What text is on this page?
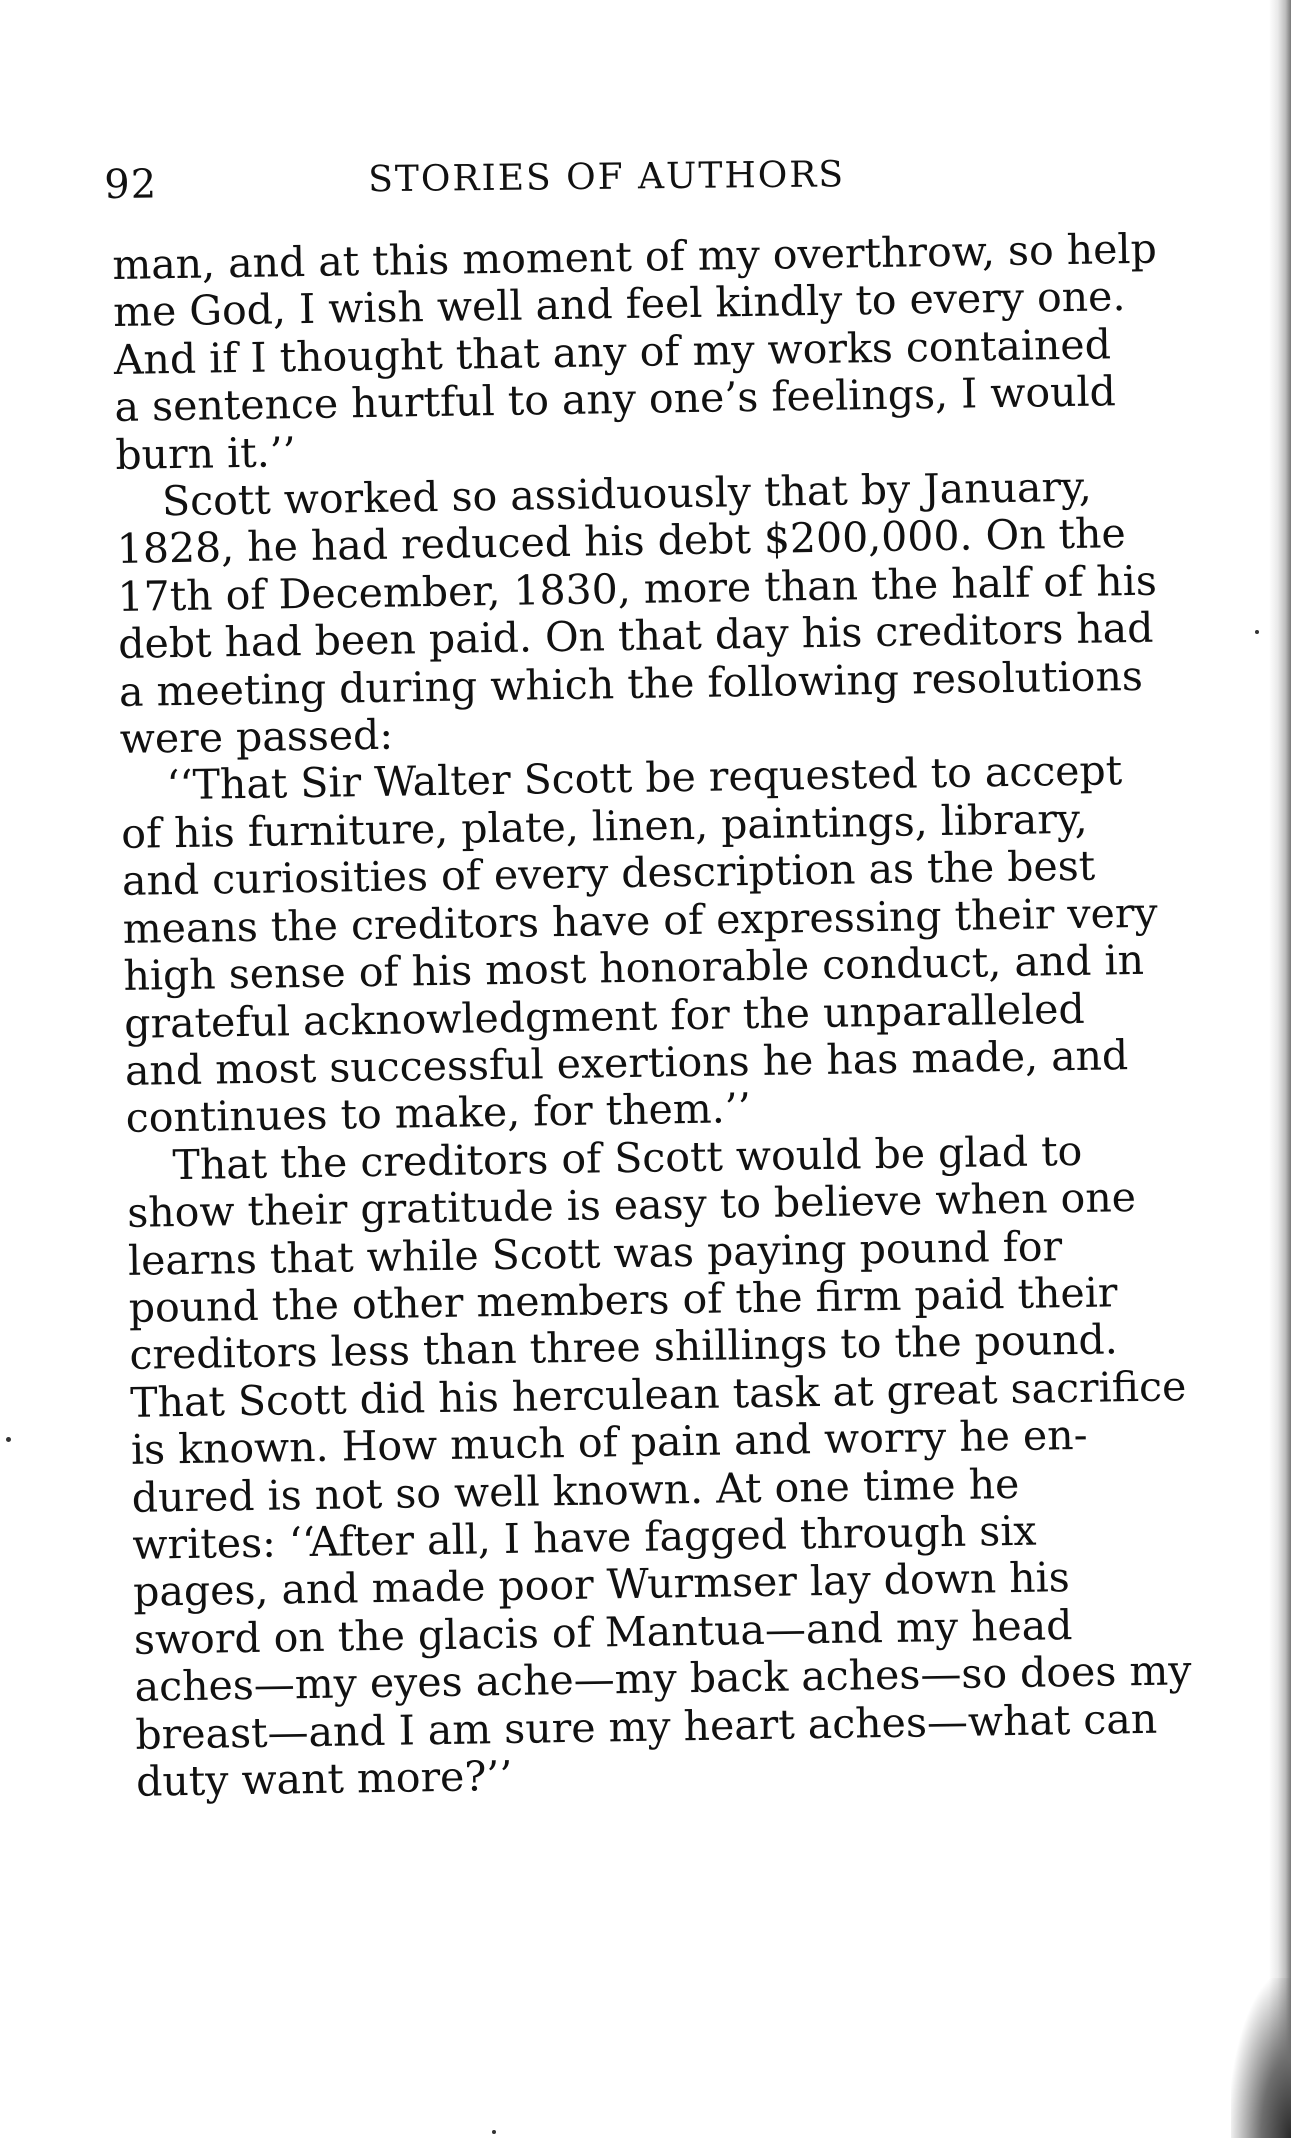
92	STORIES OF AUTHORS
man, and at this moment of my overthrow, so help
me God, I wish well and feel kindly to every one.
And if I thought that any of my works contained
a sentence hurtful to any one’s feelings, I would
burn it.’’
Scott worked so assiduously that by January,
1828, he had reduced his debt $200,000. On the
17th of December, 1830, more than the half of his
debt had been paid. On that day his creditors had
a meeting during which the following resolutions
were passed:
‘‘That Sir Walter Scott be requested to accept
of his furniture, plate, linen, paintings, library,
and curiosities of every description as the best
means the creditors have of expressing their very
high sense of his most honorable conduct, and in
grateful acknowledgment for the unparalleled
and most successful exertions he has made, and
continues to make, for them.’’
That the creditors of Scott would be glad to
show their gratitude is easy to believe when one
learns that while Scott was paying pound for
pound the other members of the firm paid their
creditors less than three shillings to the pound.
That Scott did his herculean task at great sacrifice
is known. How much of pain and worry he en-
dured is not so well known. At one time he
writes: ‘‘After all, I have fagged through six
pages, and made poor Wurmser lay down his
sword on the glacis of Mantua—and my head
aches—my eyes ache—my back aches—so does my
breast—and I am sure my heart aches—what can
duty want more?’’
